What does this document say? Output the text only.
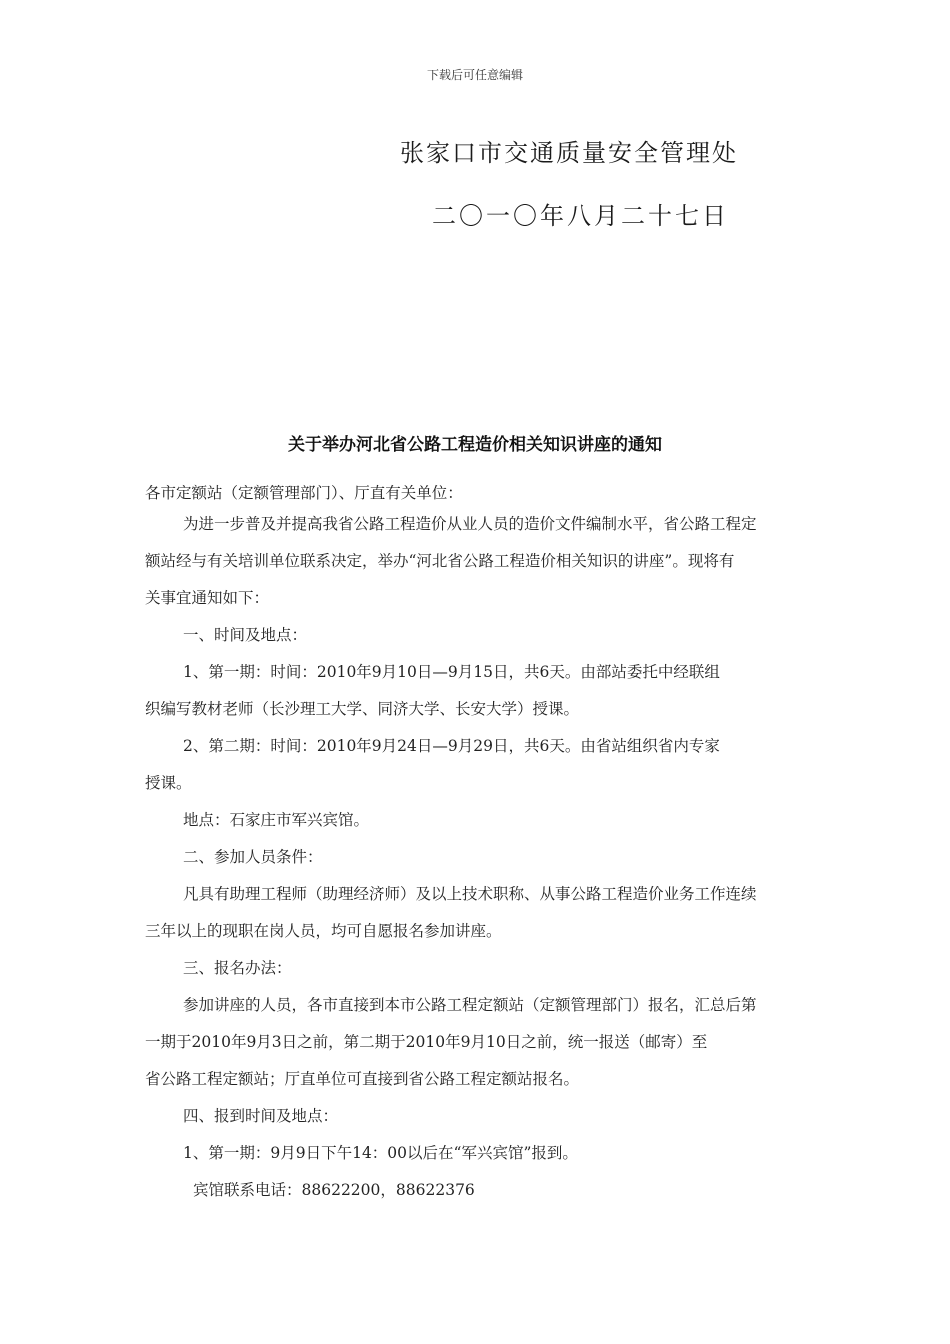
下载后可任意编辑
张家口市交通质量安全管理处
二〇一〇年八月二十七日
关于举办河北省公路工程造价相关知识讲座的通知
各市定额站（定额管理部门）、厅直有关单位：
为进一步普及并提高我省公路工程造价从业人员的造价文件编制水平，省公路工程定
额站经与有关培训单位联系决定，举办“河北省公路工程造价相关知识的讲座”。现将有
关事宜通知如下：
一、时间及地点：
1、第一期：时间：2010年9月10日—9月15日，共6天。由部站委托中经联组
织编写教材老师（长沙理工大学、同济大学、长安大学）授课。
2、第二期：时间：2010年9月24日—9月29日，共6天。由省站组织省内专家
授课。
地点：石家庄市军兴宾馆。
二、参加人员条件：
凡具有助理工程师（助理经济师）及以上技术职称、从事公路工程造价业务工作连续
三年以上的现职在岗人员，均可自愿报名参加讲座。
三、报名办法：
参加讲座的人员，各市直接到本市公路工程定额站（定额管理部门）报名，汇总后第
一期于2010年9月3日之前，第二期于2010年9月10日之前，统一报送（邮寄）至
省公路工程定额站；厅直单位可直接到省公路工程定额站报名。
四、报到时间及地点：
1、第一期：9月9日下午14：00以后在“军兴宾馆”报到。
宾馆联系电话：88622200，88622376
